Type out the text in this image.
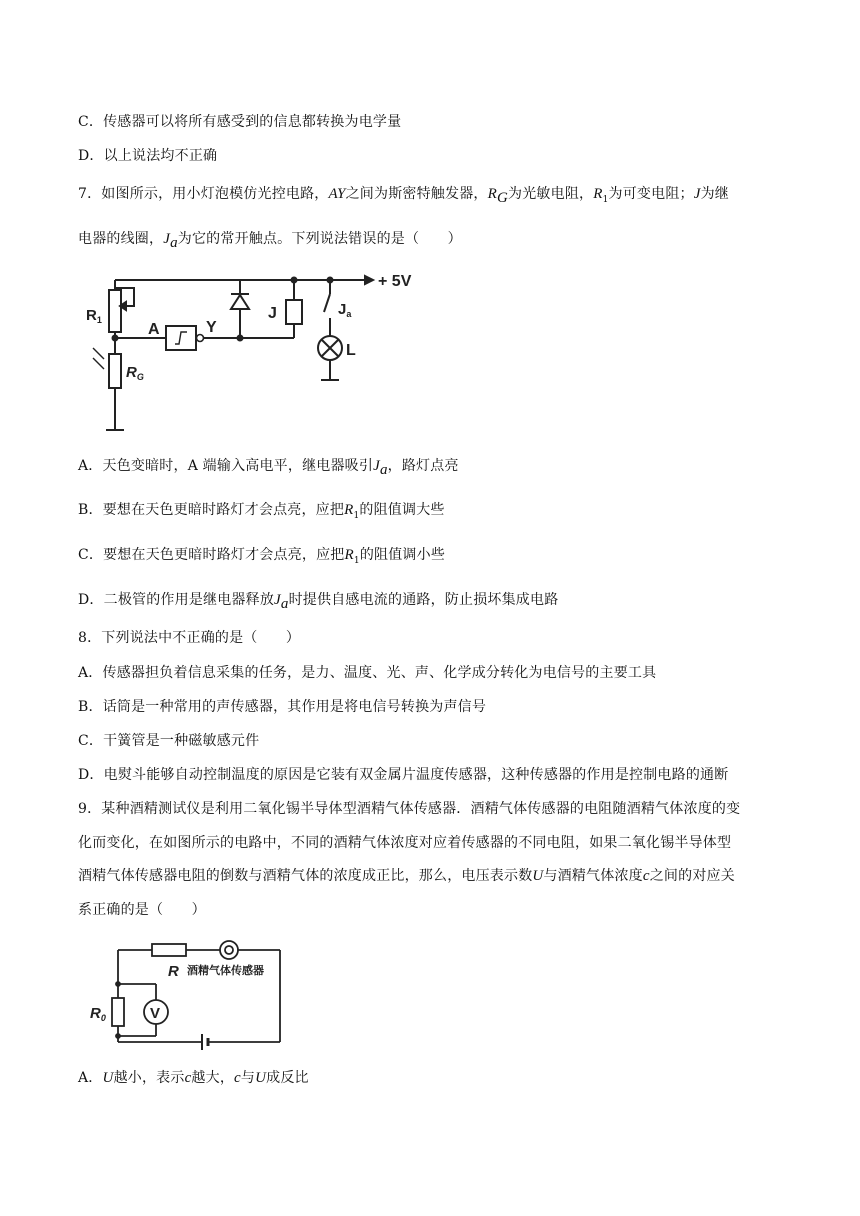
C．传感器可以将所有感受到的信息都转换为电学量
D．以上说法均不正确
7．如图所示，用小灯泡模仿光控电路，AY之间为斯密特触发器，$R_G$为光敏电阻，$R_1$为可变电阻；J为继
电器的线圈，$J_a$为它的常开触点。下列说法错误的是（　　）
+ 5V
$R_1$
$R_G$
A	Y
J	$J_a$
L
A．天色变暗时，A 端输入高电平，继电器吸引$J_a$，路灯点亮
B．要想在天色更暗时路灯才会点亮，应把$R_1$的阻值调大些
C．要想在天色更暗时路灯才会点亮，应把$R_1$的阻值调小些
D．二极管的作用是继电器释放$J_a$时提供自感电流的通路，防止损坏集成电路
8．下列说法中不正确的是（　　）
A．传感器担负着信息采集的任务，是力、温度、光、声、化学成分转化为电信号的主要工具
B．话筒是一种常用的声传感器，其作用是将电信号转换为声信号
C．干簧管是一种磁敏感元件
D．电熨斗能够自动控制温度的原因是它装有双金属片温度传感器，这种传感器的作用是控制电路的通断
9．某种酒精测试仪是利用二氧化锡半导体型酒精气体传感器．酒精气体传感器的电阻随酒精气体浓度的变
化而变化，在如图所示的电路中，不同的酒精气体浓度对应着传感器的不同电阻，如果二氧化锡半导体型
酒精气体传感器电阻的倒数与酒精气体的浓度成正比，那么，电压表示数U与酒精气体浓度c之间的对应关
系正确的是（　　）
R 酒精气体传感器
$R_0$	V
A．U越小，表示c越大，c与U成反比
